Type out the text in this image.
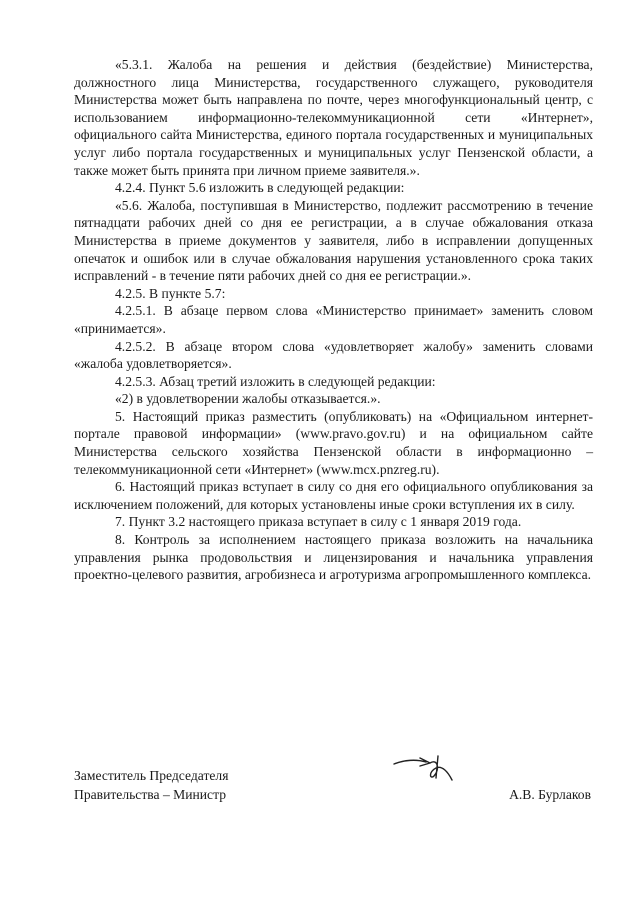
«5.3.1. Жалоба на решения и действия (бездействие) Министерства, должностного лица Министерства, государственного служащего, руководителя Министерства может быть направлена по почте, через многофункциональный центр, с использованием информационно-телекоммуникационной сети «Интернет», официального сайта Министерства, единого портала государственных и муниципальных услуг либо портала государственных и муниципальных услуг Пензенской области, а также может быть принята при личном приеме заявителя.».

4.2.4. Пункт 5.6 изложить в следующей редакции:

«5.6. Жалоба, поступившая в Министерство, подлежит рассмотрению в течение пятнадцати рабочих дней со дня ее регистрации, а в случае обжалования отказа Министерства в приеме документов у заявителя, либо в исправлении допущенных опечаток и ошибок или в случае обжалования нарушения установленного срока таких исправлений - в течение пяти рабочих дней со дня ее регистрации.».

4.2.5. В пункте 5.7:

4.2.5.1. В абзаце первом слова «Министерство принимает» заменить словом «принимается».

4.2.5.2. В абзаце втором слова «удовлетворяет жалобу» заменить словами «жалоба удовлетворяется».

4.2.5.3. Абзац третий изложить в следующей редакции:

«2) в удовлетворении жалобы отказывается.».

5. Настоящий приказ разместить (опубликовать) на «Официальном интернет-портале правовой информации» (www.pravo.gov.ru) и на официальном сайте Министерства сельского хозяйства Пензенской области в информационно – телекоммуникационной сети «Интернет» (www.mcx.pnzreg.ru).

6. Настоящий приказ вступает в силу со дня его официального опубликования за исключением положений, для которых установлены иные сроки вступления их в силу.

7. Пункт 3.2 настоящего приказа вступает в силу с 1 января 2019 года.

8. Контроль за исполнением настоящего приказа возложить на начальника управления рынка продовольствия и лицензирования и начальника управления проектно-целевого развития, агробизнеса и агротуризма агропромышленного комплекса.

Заместитель Председателя
Правительства – Министр	А.В. Бурлаков
